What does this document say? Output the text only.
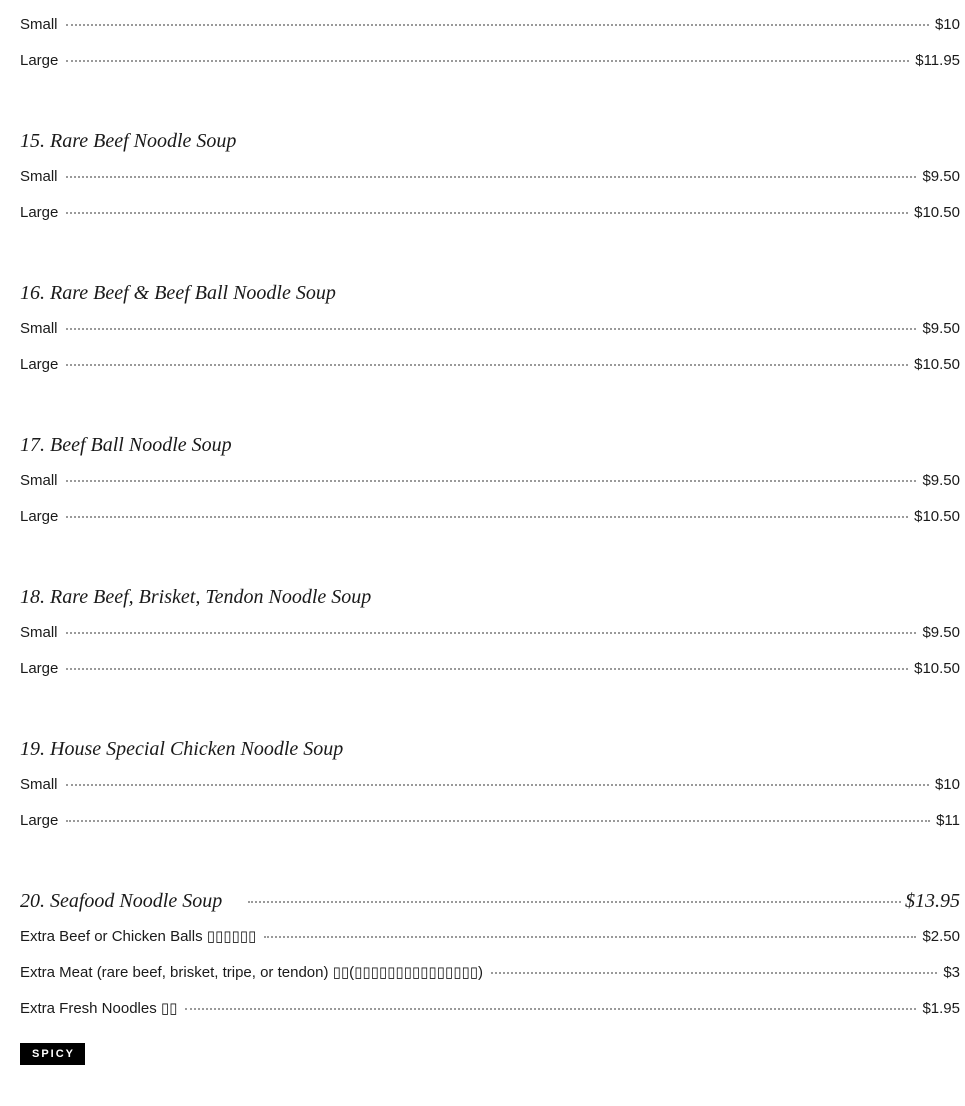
Small	$10
Large	$11.95
15. Rare Beef Noodle Soup
Small	$9.50
Large	$10.50
16. Rare Beef & Beef Ball Noodle Soup
Small	$9.50
Large	$10.50
17. Beef Ball Noodle Soup
Small	$9.50
Large	$10.50
18. Rare Beef, Brisket, Tendon Noodle Soup
Small	$9.50
Large	$10.50
19. House Special Chicken Noodle Soup
Small	$10
Large	$11
20. Seafood Noodle Soup	$13.95
Extra Beef or Chicken Balls ▯▯▯▯▯▯	$2.50
Extra Meat (rare beef, brisket, tripe, or tendon) ▯▯(▯▯▯▯▯▯▯▯▯▯▯▯▯▯▯)	$3
Extra Fresh Noodles ▯▯	$1.95
SPICY
